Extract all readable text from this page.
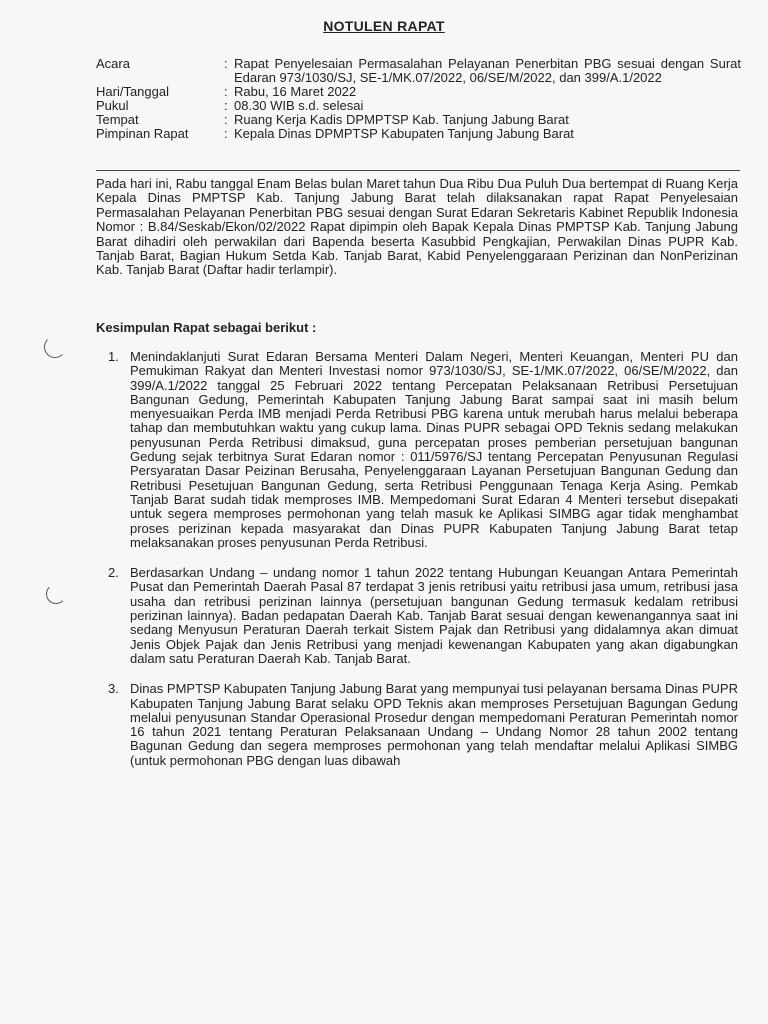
NOTULEN RAPAT
Acara	: Rapat Penyelesaian Permasalahan Pelayanan Penerbitan PBG sesuai dengan Surat Edaran 973/1030/SJ, SE-1/MK.07/2022, 06/SE/M/2022, dan 399/A.1/2022
Hari/Tanggal	: Rabu, 16 Maret 2022
Pukul	: 08.30 WIB s.d. selesai
Tempat	: Ruang Kerja Kadis DPMPTSP Kab. Tanjung Jabung Barat
Pimpinan Rapat	: Kepala Dinas DPMPTSP Kabupaten Tanjung Jabung Barat
Pada hari ini, Rabu tanggal Enam Belas bulan Maret tahun Dua Ribu Dua Puluh Dua bertempat di Ruang Kerja Kepala Dinas PMPTSP Kab. Tanjung Jabung Barat telah dilaksanakan rapat Rapat Penyelesaian Permasalahan Pelayanan Penerbitan PBG sesuai dengan Surat Edaran Sekretaris Kabinet Republik Indonesia Nomor : B.84/Seskab/Ekon/02/2022 Rapat dipimpin oleh Bapak Kepala Dinas PMPTSP Kab. Tanjung Jabung Barat dihadiri oleh perwakilan dari Bapenda beserta Kasubbid Pengkajian, Perwakilan Dinas PUPR Kab. Tanjab Barat, Bagian Hukum Setda Kab. Tanjab Barat, Kabid Penyelenggaraan Perizinan dan NonPerizinan Kab. Tanjab Barat (Daftar hadir terlampir).
Kesimpulan Rapat sebagai berikut :
1. Menindaklanjuti Surat Edaran Bersama Menteri Dalam Negeri, Menteri Keuangan, Menteri PU dan Pemukiman Rakyat dan Menteri Investasi nomor 973/1030/SJ, SE-1/MK.07/2022, 06/SE/M/2022, dan 399/A.1/2022 tanggal 25 Februari 2022 tentang Percepatan Pelaksanaan Retribusi Persetujuan Bangunan Gedung, Pemerintah Kabupaten Tanjung Jabung Barat sampai saat ini masih belum menyesuaikan Perda IMB menjadi Perda Retribusi PBG karena untuk merubah harus melalui beberapa tahap dan membutuhkan waktu yang cukup lama. Dinas PUPR sebagai OPD Teknis sedang melakukan penyusunan Perda Retribusi dimaksud, guna percepatan proses pemberian persetujuan bangunan Gedung sejak terbitnya Surat Edaran nomor : 011/5976/SJ tentang Percepatan Penyusunan Regulasi Persyaratan Dasar Peizinan Berusaha, Penyelenggaraan Layanan Persetujuan Bangunan Gedung dan Retribusi Pesetujuan Bangunan Gedung, serta Retribusi Penggunaan Tenaga Kerja Asing. Pemkab Tanjab Barat sudah tidak memproses IMB. Mempedomani Surat Edaran 4 Menteri tersebut disepakati untuk segera memproses permohonan yang telah masuk ke Aplikasi SIMBG agar tidak menghambat proses perizinan kepada masyarakat dan Dinas PUPR Kabupaten Tanjung Jabung Barat tetap melaksanakan proses penyusunan Perda Retribusi.
2. Berdasarkan Undang – undang nomor 1 tahun 2022 tentang Hubungan Keuangan Antara Pemerintah Pusat dan Pemerintah Daerah Pasal 87 terdapat 3 jenis retribusi yaitu retribusi jasa umum, retribusi jasa usaha dan retribusi perizinan lainnya (persetujuan bangunan Gedung termasuk kedalam retribusi perizinan lainnya). Badan pedapatan Daerah Kab. Tanjab Barat sesuai dengan kewenangannya saat ini sedang Menyusun Peraturan Daerah terkait Sistem Pajak dan Retribusi yang didalamnya akan dimuat Jenis Objek Pajak dan Jenis Retribusi yang menjadi kewenangan Kabupaten yang akan digabungkan dalam satu Peraturan Daerah Kab. Tanjab Barat.
3. Dinas PMPTSP Kabupaten Tanjung Jabung Barat yang mempunyai tusi pelayanan bersama Dinas PUPR Kabupaten Tanjung Jabung Barat selaku OPD Teknis akan memproses Persetujuan Bagungan Gedung melalui penyusunan Standar Operasional Prosedur dengan mempedomani Peraturan Pemerintah nomor 16 tahun 2021 tentang Peraturan Pelaksanaan Undang – Undang Nomor 28 tahun 2002 tentang Bagunan Gedung dan segera memproses permohonan yang telah mendaftar melalui Aplikasi SIMBG (untuk permohonan PBG dengan luas dibawah
